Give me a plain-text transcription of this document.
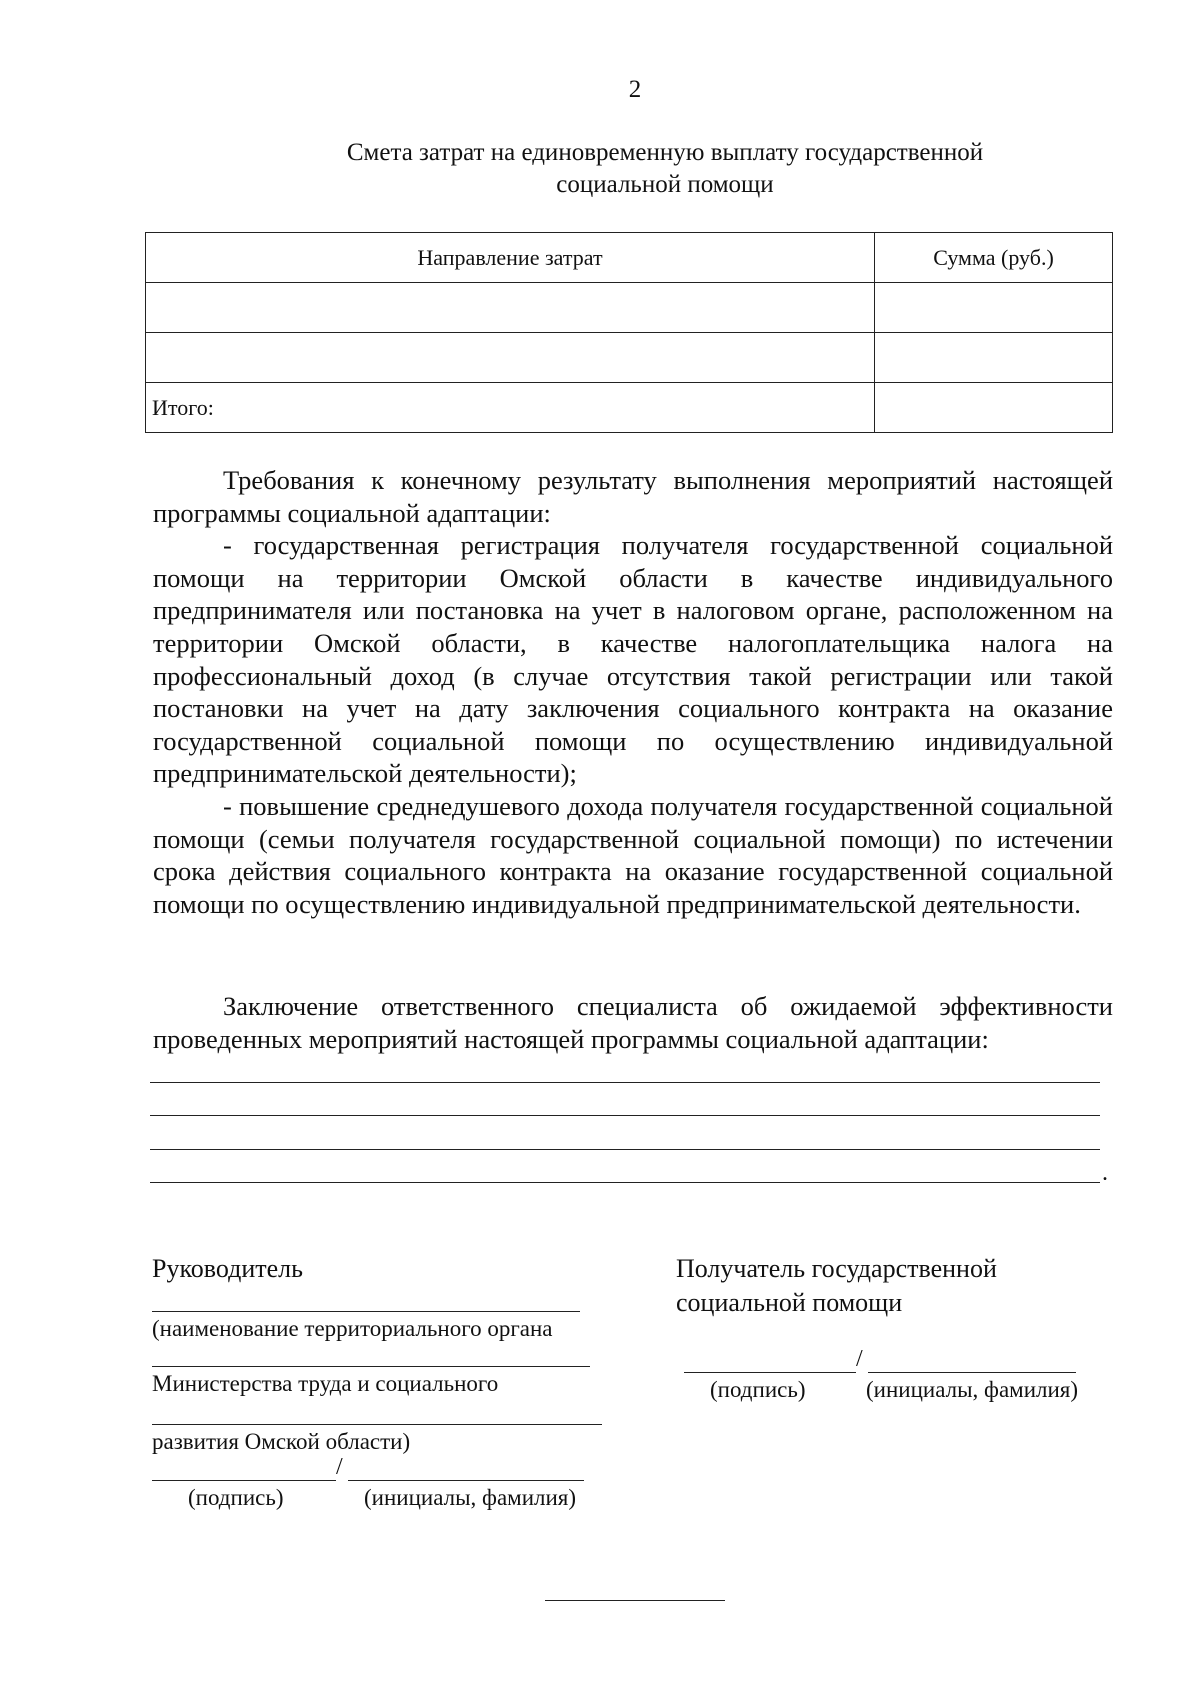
2
Смета затрат на единовременную выплату государственной
социальной помощи
Направление затрат	Сумма (руб.)

Итого:	

Требования к конечному результату выполнения мероприятий настоящей программы социальной адаптации:

- государственная регистрация получателя государственной социальной помощи на территории Омской области в качестве индивидуального предпринимателя или постановка на учет в налоговом органе, расположенном на территории Омской области, в качестве налогоплательщика налога на профессиональный доход (в случае отсутствия такой регистрации или такой постановки на учет на дату заключения социального контракта на оказание государственной социальной помощи по осуществлению индивидуальной предпринимательской деятельности);

- повышение среднедушевого дохода получателя государственной социальной помощи (семьи получателя государственной социальной помощи) по истечении срока действия социального контракта на оказание государственной социальной помощи по осуществлению индивидуальной предпринимательской деятельности.

Заключение ответственного специалиста об ожидаемой эффективности проведенных мероприятий настоящей программы социальной адаптации:

.
Руководитель
(наименование территориального органа
Министерства труда и социального
развития Омской области)
/
(подпись)	(инициалы, фамилия)
Получатель государственной
социальной помощи
/
(подпись)	(инициалы, фамилия)
